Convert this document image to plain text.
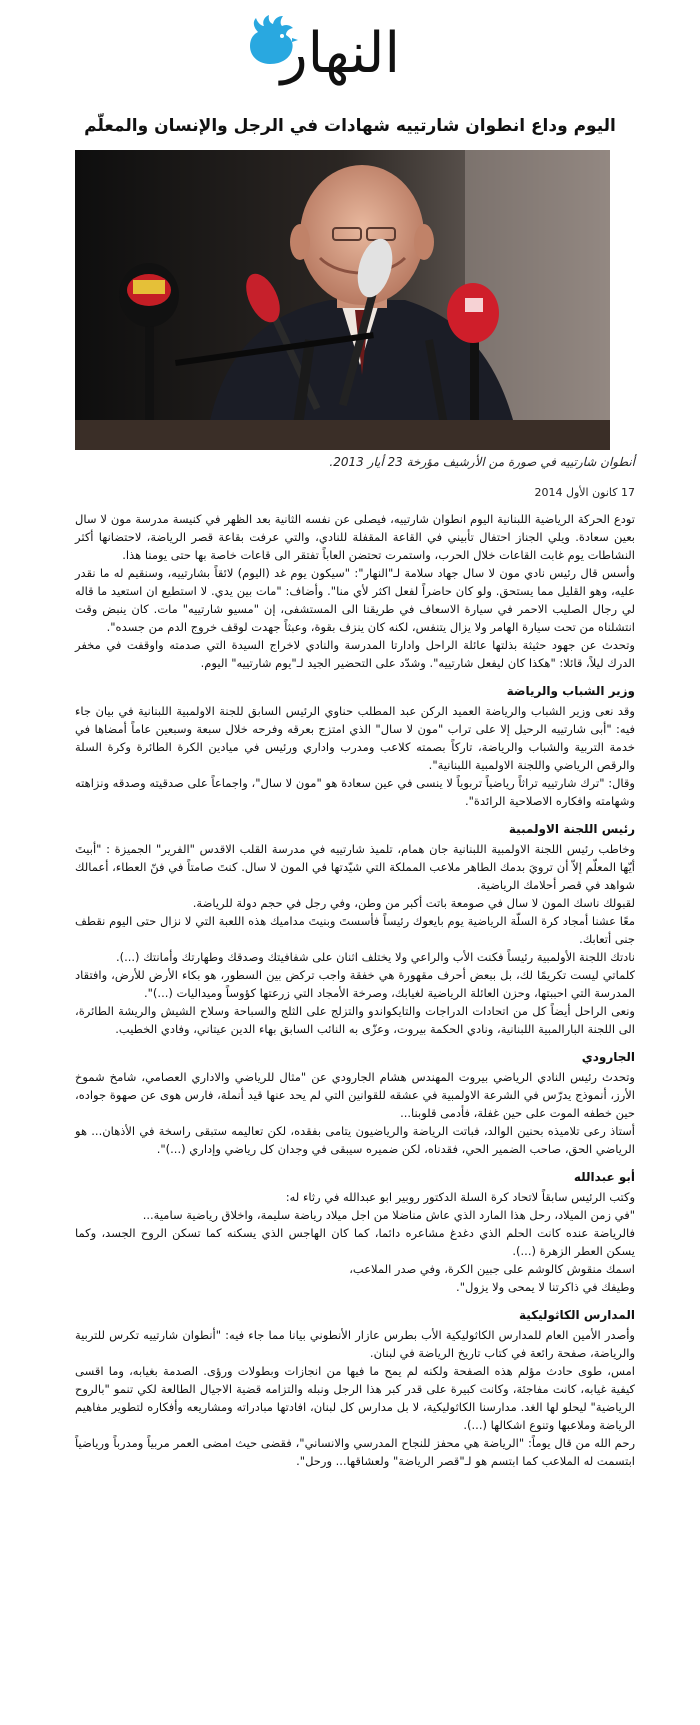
النهار
اليوم وداع انطوان شارتييه شهادات في الرجل والإنسان والمعلّم

أنطوان شارتييه في صورة من الأرشيف مؤرخة 23 أيار 2013.

17 كانون الأول 2014

تودع الحركة الرياضية اللبنانية اليوم انطوان شارتييه، فيصلى عن نفسه الثانية بعد الظهر في كنيسة مدرسة مون لا سال بعين سعادة. ويلي الجناز احتفال تأبيني في القاعة المقفلة للنادي، والتي عرفت بقاعة قصر الرياضة، لاحتضانها أكثر النشاطات يوم غابت القاعات خلال الحرب، واستمرت تحتضن العاباً تفتقر الى قاعات خاصة بها حتى يومنا هذا.

وأسس قال رئيس نادي مون لا سال جهاد سلامة لـ"النهار": "سيكون يوم غد (اليوم) لائقاً بشارتييه، وسنقيم له ما نقدر عليه، وهو القليل مما يستحق. ولو كان حاضراً لفعل اكثر لأي منا". وأضاف: "مات بين يدي. لا استطيع ان استعيد ما قاله لي رجال الصليب الاحمر في سيارة الاسعاف في طريقنا الى المستشفى، إن "مسيو شارتييه" مات. كان ينبض وقت انتشلناه من تحت سيارة الهامر ولا يزال يتنفس، لكنه كان ينزف بقوة، وعبثاً جهدت لوقف خروج الدم من جسده".

وتحدث عن جهود حثيثة بذلتها عائلة الراحل وادارتا المدرسة والنادي لاخراج السيدة التي صدمته واوقفت في مخفر الدرك ليلاً، قائلا: "هكذا كان ليفعل شارتييه". وشدّد على التحضير الجيد لـ"يوم شارتييه" اليوم.

وزير الشباب والرياضة

وقد نعى وزير الشباب والرياضة العميد الركن عبد المطلب حناوي الرئيس السابق للجنة الاولمبية اللبنانية في بيان جاء فيه: "أبى شارتييه الرحيل إلا على تراب "مون لا سال" الذي امتزج بعرقه وفرحه خلال سبعة وسبعين عاماً أمضاها في خدمة التربية والشباب والرياضة، تاركاً بصمته كلاعب ومدرب واداري ورئيس في ميادين الكرة الطائرة وكرة السلة والرقص الرياضي واللجنة الاولمبية اللبنانية".

وقال: "ترك شارتييه تراثاً رياضياً تربوياً لا ينسى في عين سعادة هو "مون لا سال"، واجماعاً على صدقيته وصدقه ونزاهته وشهامته وافكاره الاصلاحية الرائدة".

رئيس اللجنة الاولمبية

وخاطب رئيس اللجنة الاولمبية اللبنانية جان همام، تلميذ شارتييه في مدرسة القلب الاقدس "الفرير" الجميزة : "أبيتَ أيّها المعلّم إلاّ أن ترويَ بدمك الطاهر ملاعب المملكة التي شيّدتها في المون لا سال. كنتَ صامتاً في فنّ العطاء، أعمالك شواهد في قصر أحلامك الرياضية.

لقبولك ناسك المون لا سال في صومعة باتت أكبر من وطن، وفي رجل في حجم دولة للرياضة.

معًا عشنا أمجاد كرة السلّة الرياضية يوم بايعوك رئيساً فأسستَ وبنيتَ مداميك هذه اللعبة التي لا نزال حتى اليوم نقطف جنى أتعابك.

نادتك اللجنة الأولمبية رئيساً فكنت الأب والراعي ولا يختلف اثنان على شفافيتك وصدقك وطهارتك وأمانتك (...).

كلماتي ليست تكريمًا لك، بل ببعض أحرف مقهورة هي خفقة واجب تركض بين السطور، هو بكاء الأرض للأرض، وافتقاد المدرسة التي احببتها، وحزن العائلة الرياضية لغيابك، وصرخة الأمجاد التي زرعتها كؤوساً وميداليات (...)".

ونعى الراحل أيضاً كل من اتحادات الدراجات والتايكواندو والتزلج على الثلج والسباحة وسلاح الشيش والريشة الطائرة، الى اللجنة البارالمبية اللبنانية، ونادي الحكمة بيروت، وعزّى به النائب السابق بهاء الدين عيتاني، وفادي الخطيب.

الجارودي

وتحدث رئيس النادي الرياضي بيروت المهندس هشام الجارودي عن "مثال للرياضي والاداري العصامي، شامخ شموخ الأرز، أنموذج يدرّس في الشرعة الاولمبية في عشقه للقوانين التي لم يحد عنها قيد أنملة، فارس هوى عن صهوة جواده، حين خطفه الموت على حين غفلة، فأدمى قلوبنا...

أستاذ رعى تلاميذه بحنين الوالد، فباتت الرياضة والرياضيون يتامى بفقده، لكن تعاليمه ستبقى راسخة في الأذهان... هو الرياضي الحق، صاحب الضمير الحي، فقدناه، لكن ضميره سيبقى في وجدان كل رياضي وإداري (...)".

أبو عبدالله

وكتب الرئيس سابقاً لاتحاد كرة السلة الدكتور روبير ابو عبدالله في رثاء له:

"في زمن الميلاد، رحل هذا المارد الذي عاش مناضلا من اجل ميلاد رياضة سليمة، واخلاق رياضية سامية...

فالرياضة عنده كانت الحلم الذي دغدغ مشاعره دائما، كما كان الهاجس الذي يسكنه كما تسكن الروح الجسد، وكما يسكن العطر الزهرة (...).

اسمك منقوش كالوشم على جبين الكرة، وفي صدر الملاعب،

وطيفك في ذاكرتنا لا يمحى ولا يزول".

المدارس الكاثوليكية

وأصدر الأمين العام للمدارس الكاثوليكية الأب بطرس عازار الأنطوني بيانا مما جاء فيه: "أنطوان شارتييه تكرس للتربية والرياضة، صفحة رائعة في كتاب تاريخ الرياضة في لبنان.

امس، طوى حادث مؤلم هذه الصفحة ولكنه لم يمح ما فيها من انجازات وبطولات ورؤى. الصدمة بغيابه، وما اقسى كيفية غيابه، كانت مفاجئة، وكانت كبيرة على قدر كبر هذا الرجل ونبله والتزامه قضية الاجيال الطالعة لكي تنمو "بالروح الرياضية" ليحلو لها الغد. مدارسنا الكاثوليكية، لا بل مدارس كل لبنان، افادتها مبادراته ومشاريعه وأفكاره لتطوير مفاهيم الرياضة وملاعبها وتنوع اشكالها (...).

رحم الله من قال يوماً: "الرياضة هي محفز للنجاح المدرسي والانساني"، فقضى حيث امضى العمر مربياً ومدرباً ورياضياً ابتسمت له الملاعب كما ابتسم هو لـ"قصر الرياضة" ولعشاقها... ورحل".
